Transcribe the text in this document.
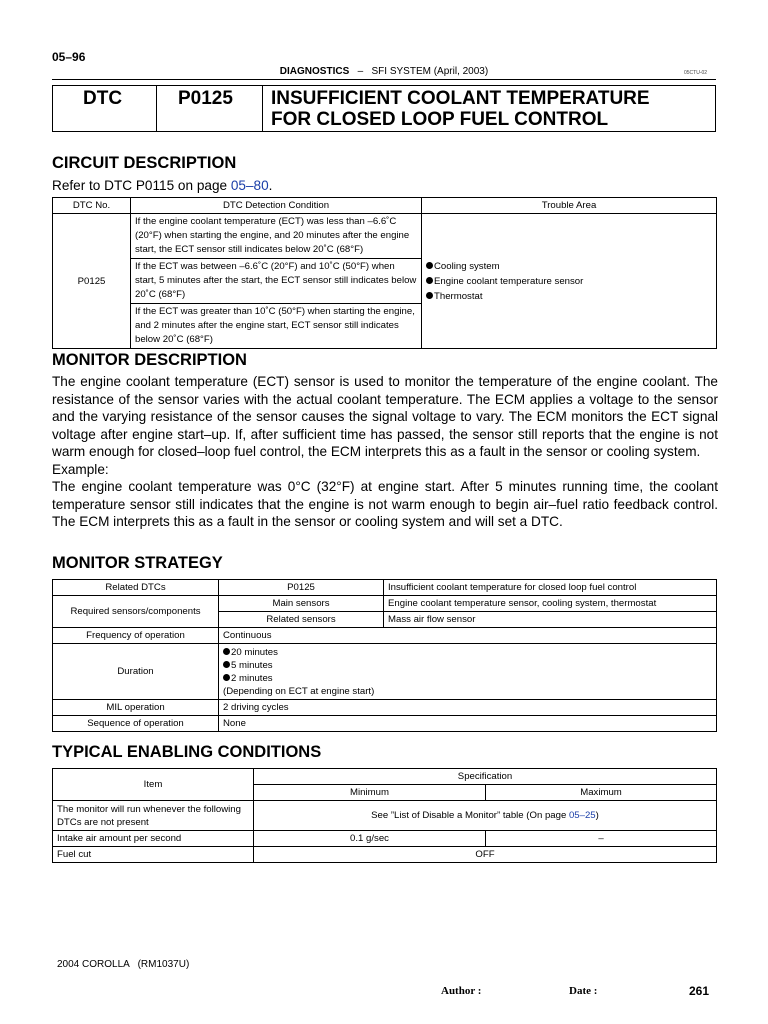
05–96
DIAGNOSTICS – SFI SYSTEM (April, 2003)	05CTU-02
DTC	P0125 INSUFFICIENT COOLANT TEMPERATURE
FOR CLOSED LOOP FUEL CONTROL
CIRCUIT DESCRIPTION
Refer to DTC P0115 on page 05–80.
DTC No.	DTC Detection Condition	Trouble Area
P0125	If the engine coolant temperature (ECT) was less than –6.6˚C (20°F) when starting the engine, and 20 minutes after the engine start, the ECT sensor still indicates below 20˚C (68°F)	Cooling system
Engine coolant temperature sensor
Thermostat

	If the ECT was between –6.6˚C (20°F) and 10˚C (50°F) when start, 5 minutes after the start, the ECT sensor still indicates below 20˚C (68°F)	
	If the ECT was greater than 10˚C (50°F) when starting the engine, and 2 minutes after the engine start, ECT sensor still indicates below 20˚C (68°F)	
MONITOR DESCRIPTION
The engine coolant temperature (ECT) sensor is used to monitor the temperature of the engine coolant. The resistance of the sensor varies with the actual coolant temperature. The ECM applies a voltage to the sensor and the varying resistance of the sensor causes the signal voltage to vary. The ECM monitors the ECT signal voltage after engine start–up. If, after sufficient time has passed, the sensor still reports that the engine is not warm enough for closed–loop fuel control, the ECM interprets this as a fault in the sensor or cooling system.
Example:
The engine coolant temperature was 0°C (32°F) at engine start. After 5 minutes running time, the coolant temperature sensor still indicates that the engine is not warm enough to begin air–fuel ratio feedback control. The ECM interprets this as a fault in the sensor or cooling system and will set a DTC.
MONITOR STRATEGY
Related DTCs	P0125	Insufficient coolant temperature for closed loop fuel control
Required sensors/components	Main sensors	Engine coolant temperature sensor, cooling system, thermostat
	Related sensors	Mass air flow sensor
Frequency of operation	Continuous	
Duration	20 minutes
5 minutes
2 minutes
(Depending on ECT at engine start)	

MIL operation	2 driving cycles	
Sequence of operation	None	
TYPICAL ENABLING CONDITIONS
Item	Specification	
	Minimum	Maximum
The monitor will run whenever the following DTCs are not present	See ”List of Disable a Monitor” table (On page 05–25)	
Intake air amount per second	0.1 g/sec	–
Fuel cut	OFF	
2004 COROLLA   (RM1037U)
Author :	Date :	261
